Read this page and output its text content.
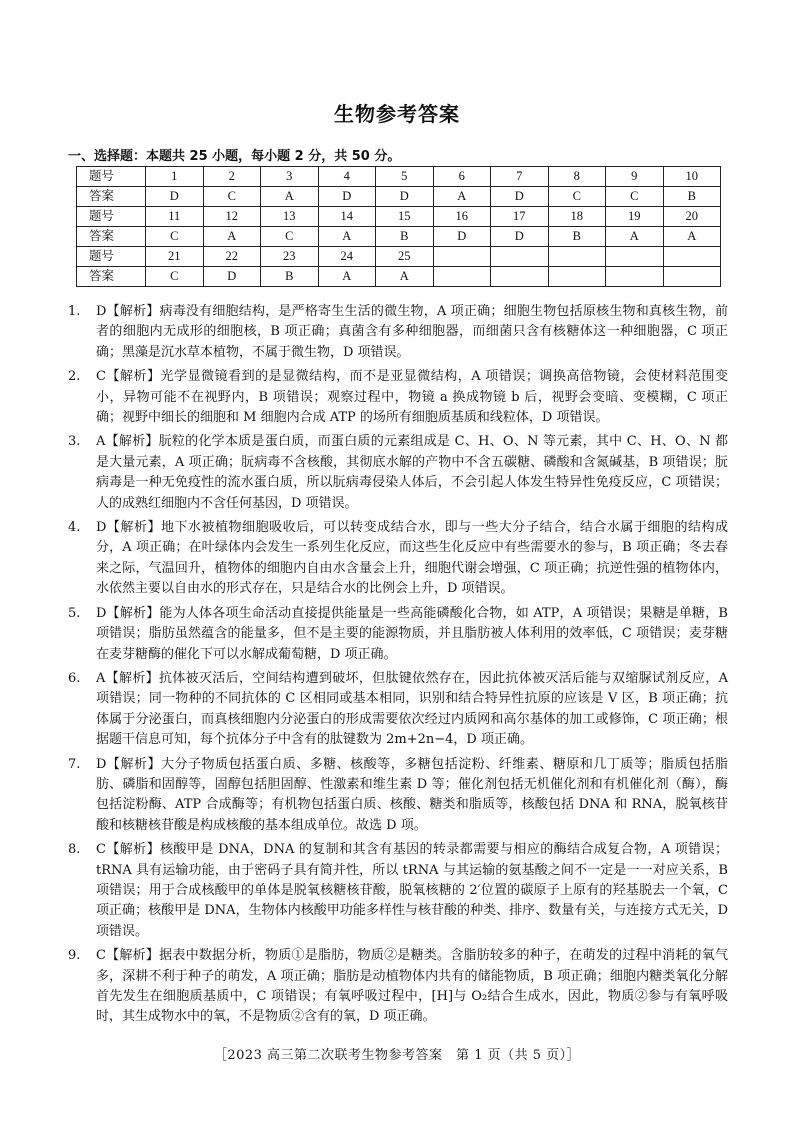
生物参考答案
一、选择题：本题共 25 小题，每小题 2 分，共 50 分。
题号	1	2	3	4	5	6	7	8	9	10
答案	D	C	A	D	D	A	D	C	C	B
题号	11	12	13	14	15	16	17	18	19	20
答案	C	A	C	A	B	D	D	B	A	A
题号	21	22	23	24	25					
答案	C	D	B	A	A					
1. D【解析】病毒没有细胞结构，是严格寄生生活的微生物，A 项正确；细胞生物包括原核生物和真核生物，前者的细胞内无成形的细胞核，B 项正确；真菌含有多种细胞器，而细菌只含有核糖体这一种细胞器，C 项正确；黑藻是沉水草本植物，不属于微生物，D 项错误。
2. C【解析】光学显微镜看到的是显微结构，而不是亚显微结构，A 项错误；调换高倍物镜，会使材料范围变小，异物可能不在视野内，B 项错误；观察过程中，物镜 a 换成物镜 b 后，视野会变暗、变模糊，C 项正确；视野中细长的细胞和 M 细胞内合成 ATP 的场所有细胞质基质和线粒体，D 项错误。
3. A【解析】朊粒的化学本质是蛋白质，而蛋白质的元素组成是 C、H、O、N 等元素，其中 C、H、O、N 都是大量元素，A 项正确；朊病毒不含核酸，其彻底水解的产物中不含五碳糖、磷酸和含氮碱基，B 项错误；朊病毒是一种无免疫性的流水蛋白质，所以朊病毒侵染人体后，不会引起人体发生特异性免疫反应，C 项错误；人的成熟红细胞内不含任何基因，D 项错误。
4. D【解析】地下水被植物细胞吸收后，可以转变成结合水，即与一些大分子结合，结合水属于细胞的结构成分，A 项正确；在叶绿体内会发生一系列生化反应，而这些生化反应中有些需要水的参与，B 项正确；冬去春来之际，气温回升，植物体的细胞内自由水含量会上升，细胞代谢会增强，C 项正确；抗逆性强的植物体内，水依然主要以自由水的形式存在，只是结合水的比例会上升，D 项错误。
5. D【解析】能为人体各项生命活动直接提供能量是一些高能磷酸化合物，如 ATP，A 项错误；果糖是单糖，B 项错误；脂肪虽然蕴含的能量多，但不是主要的能源物质，并且脂肪被人体利用的效率低，C 项错误；麦芽糖在麦芽糖酶的催化下可以水解成葡萄糖，D 项正确。
6. A【解析】抗体被灭活后，空间结构遭到破坏，但肽键依然存在，因此抗体被灭活后能与双缩脲试剂反应，A 项错误；同一物种的不同抗体的 C 区相同或基本相同，识别和结合特异性抗原的应该是 V 区，B 项正确；抗体属于分泌蛋白，而真核细胞内分泌蛋白的形成需要依次经过内质网和高尔基体的加工或修饰，C 项正确；根据题干信息可知，每个抗体分子中含有的肽键数为 2m+2n−4，D 项正确。
7. D【解析】大分子物质包括蛋白质、多糖、核酸等，多糖包括淀粉、纤维素、糖原和几丁质等；脂质包括脂肪、磷脂和固醇等，固醇包括胆固醇、性激素和维生素 D 等；催化剂包括无机催化剂和有机催化剂（酶），酶包括淀粉酶、ATP 合成酶等；有机物包括蛋白质、核酸、糖类和脂质等，核酸包括 DNA 和 RNA，脱氧核苷酸和核糖核苷酸是构成核酸的基本组成单位。故选 D 项。
8. C【解析】核酸甲是 DNA，DNA 的复制和其含有基因的转录都需要与相应的酶结合成复合物，A 项错误；tRNA 具有运输功能，由于密码子具有简并性，所以 tRNA 与其运输的氨基酸之间不一定是一一对应关系，B 项错误；用于合成核酸甲的单体是脱氧核糖核苷酸，脱氧核糖的 2′位置的碳原子上原有的羟基脱去一个氧，C 项正确；核酸甲是 DNA，生物体内核酸甲功能多样性与核苷酸的种类、排序、数量有关，与连接方式无关，D 项错误。
9. C【解析】据表中数据分析，物质①是脂肪，物质②是糖类。含脂肪较多的种子，在萌发的过程中消耗的氧气多，深耕不利于种子的萌发，A 项正确；脂肪是动植物体内共有的储能物质，B 项正确；细胞内糖类氧化分解首先发生在细胞质基质中，C 项错误；有氧呼吸过程中，[H]与 O₂结合生成水，因此，物质②参与有氧呼吸时，其生成物水中的氧，不是物质②含有的氧，D 项正确。
［2023 高三第二次联考生物参考答案　第 1 页（共 5 页）］
